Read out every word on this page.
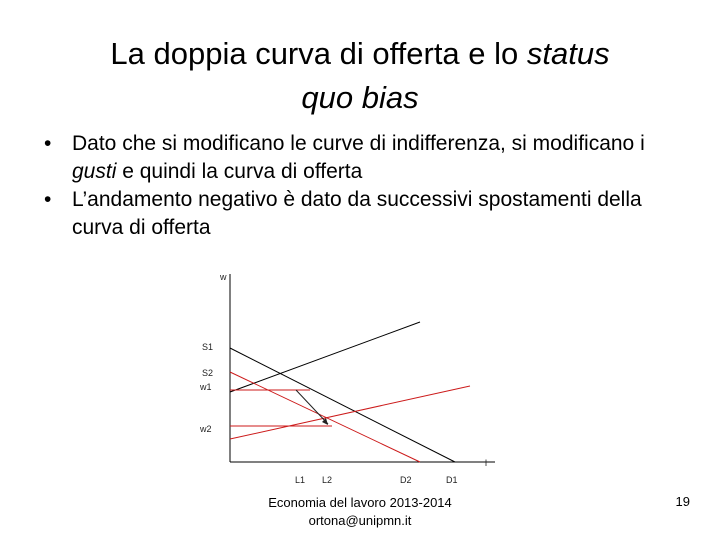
La doppia curva di offerta e lo status
quo bias
• Dato che si modificano le curve di indifferenza, si modificano i gusti e quindi la curva di offerta
• L’andamento negativo è dato da successivi spostamenti della curva di offerta
w
l
S1
S2
w1
w2
L1 L2	D2	D1
Economia del lavoro 2013-2014
ortona@unipmn.it
19
